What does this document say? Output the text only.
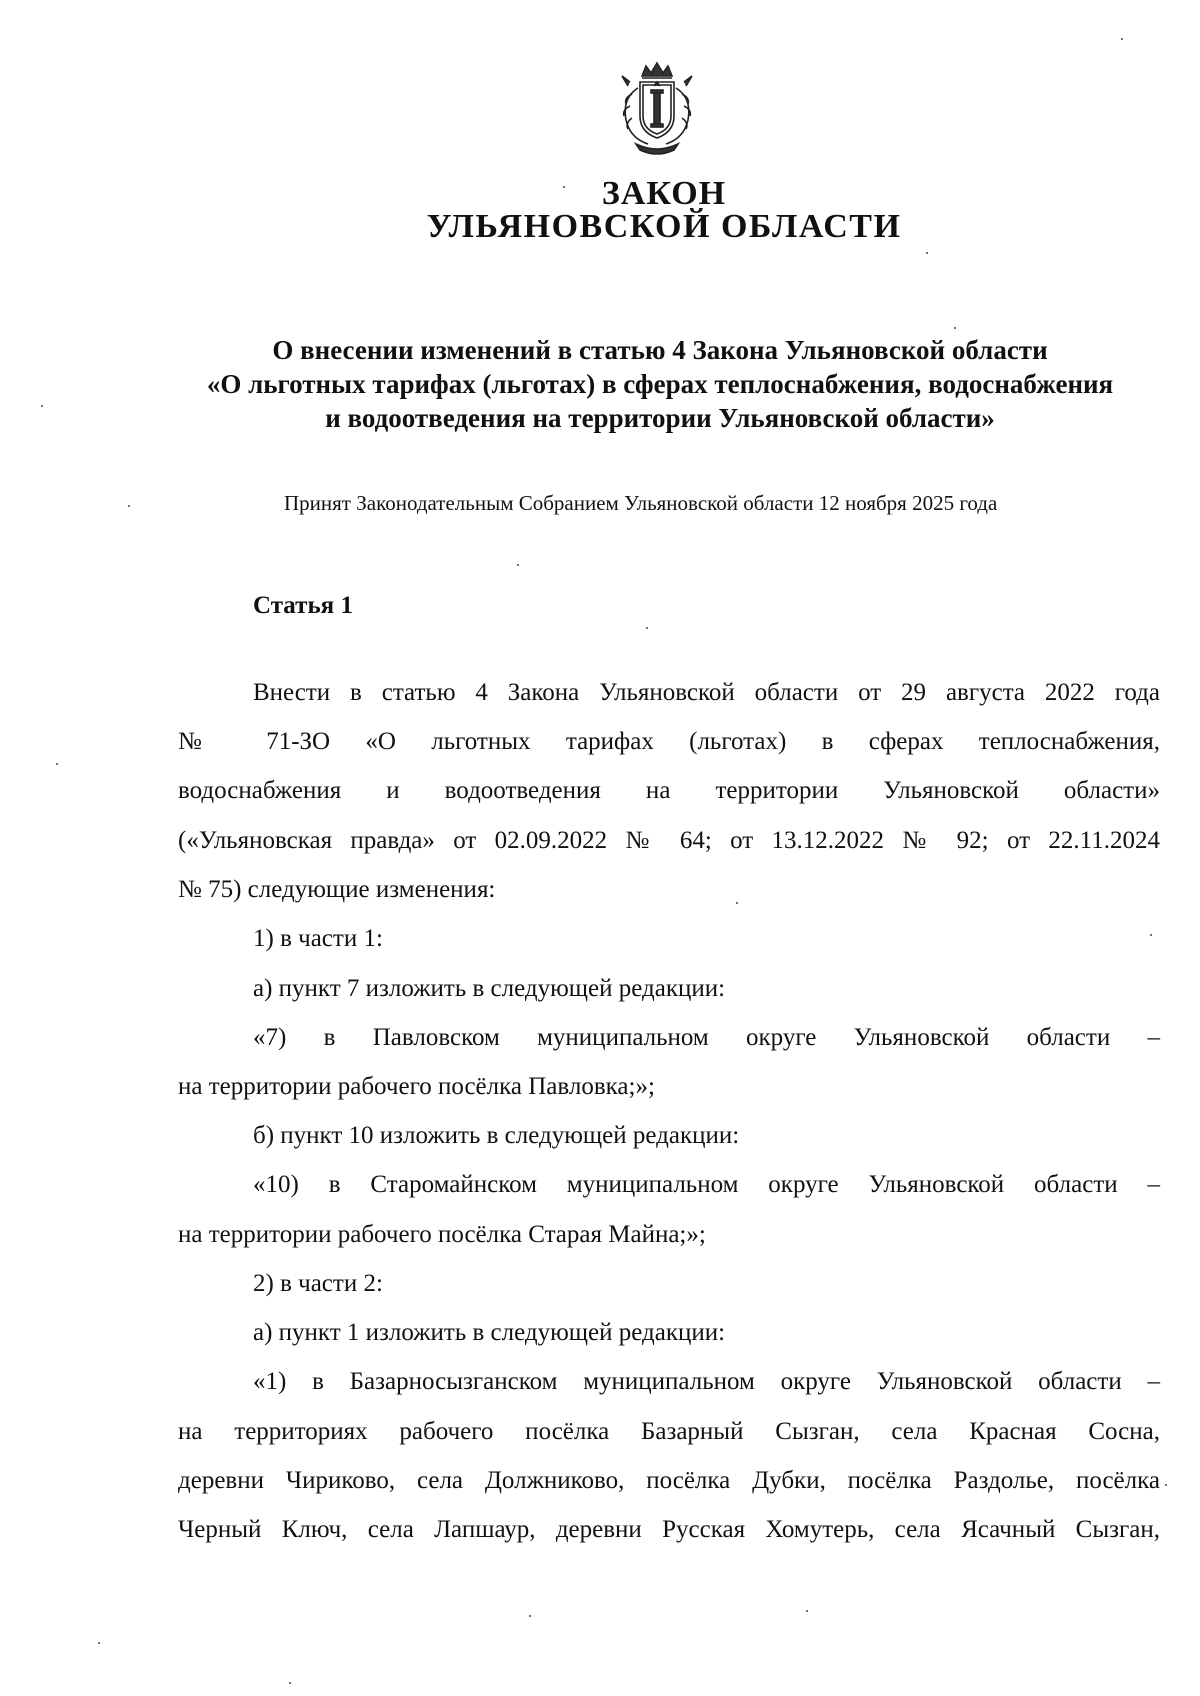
ЗАКОН
УЛЬЯНОВСКОЙ ОБЛАСТИ
О внесении изменений в статью 4 Закона Ульяновской области
«О льготных тарифах (льготах) в сферах теплоснабжения, водоснабжения
и водоотведения на территории Ульяновской области»
Принят Законодательным Собранием Ульяновской области 12 ноября 2025 года
Статья 1
Внести в статью 4 Закона Ульяновской области от 29 августа 2022 года
№ 71-ЗО «О льготных тарифах (льготах) в сферах теплоснабжения,
водоснабжения и водоотведения на территории Ульяновской области»
(«Ульяновская правда» от 02.09.2022 № 64; от 13.12.2022 № 92; от 22.11.2024
№ 75) следующие изменения:
1) в части 1:
а) пункт 7 изложить в следующей редакции:
«7) в Павловском муниципальном округе Ульяновской области –
на территории рабочего посёлка Павловка;»;
б) пункт 10 изложить в следующей редакции:
«10) в Старомайнском муниципальном округе Ульяновской области –
на территории рабочего посёлка Старая Майна;»;
2) в части 2:
а) пункт 1 изложить в следующей редакции:
«1) в Базарносызганском муниципальном округе Ульяновской области –
на территориях рабочего посёлка Базарный Сызган, села Красная Сосна,
деревни Чириково, села Должниково, посёлка Дубки, посёлка Раздолье, посёлка
Черный Ключ, села Лапшаур, деревни Русская Хомутерь, села Ясачный Сызган,
